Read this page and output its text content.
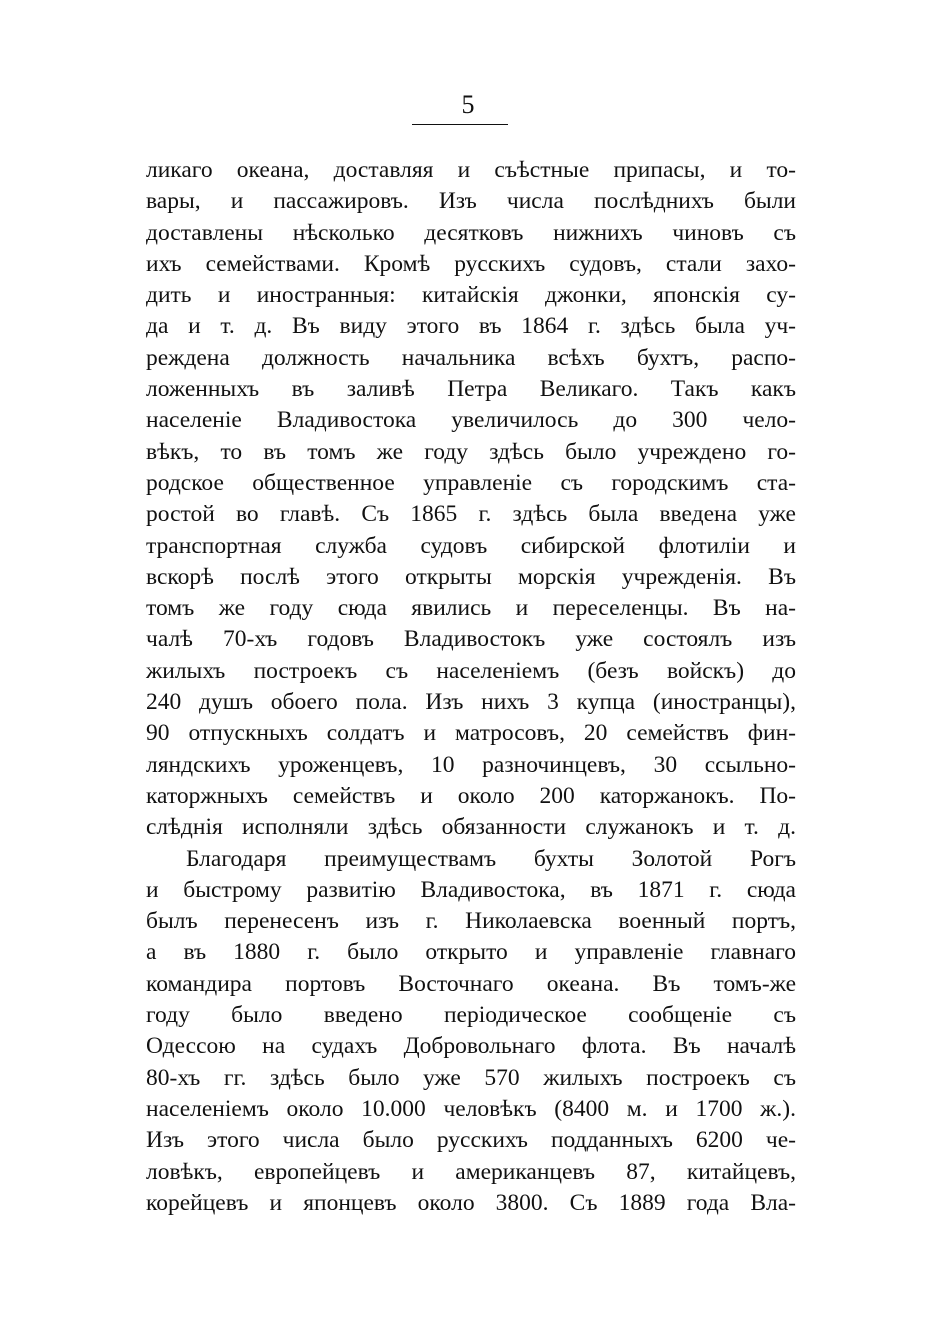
5
ликаго океана, доставляя и съѣстные припасы, и то-
вары, и пассажировъ. Изъ числа послѣднихъ были
доставлены нѣсколько десятковъ нижнихъ чиновъ съ
ихъ семействами. Кромѣ русскихъ судовъ, стали захо-
дить и иностранныя: китайскія джонки, японскія су-
да и т. д. Въ виду этого въ 1864 г. здѣсь была уч-
реждена должность начальника всѣхъ бухтъ, распо-
ложенныхъ въ заливѣ Петра Великаго. Такъ какъ
населеніе Владивостока увеличилось до 300 чело-
вѣкъ, то въ томъ же году здѣсь было учреждено го-
родское общественное управленіе съ городскимъ ста-
ростой во главѣ. Съ 1865 г. здѣсь была введена уже
транспортная служба судовъ сибирской флотиліи и
вскорѣ послѣ этого открыты морскія учрежденія. Въ
томъ же году сюда явились и переселенцы. Въ на-
чалѣ 70-хъ годовъ Владивостокъ уже состоялъ изъ
жилыхъ построекъ съ населеніемъ (безъ войскъ) до
240 душъ обоего пола. Изъ нихъ 3 купца (иностранцы),
90 отпускныхъ солдатъ и матросовъ, 20 семействъ фин-
ляндскихъ уроженцевъ, 10 разночинцевъ, 30 ссыльно-
каторжныхъ семействъ и около 200 каторжанокъ. По-
слѣднія исполняли здѣсь обязанности служанокъ и т. д.
Благодаря преимуществамъ бухты Золотой Рогъ
и быстрому развитію Владивостока, въ 1871 г. сюда
былъ перенесенъ изъ г. Николаевска военный портъ,
а въ 1880 г. было открыто и управленіе главнаго
командира портовъ Восточнаго океана. Въ томъ-же
году было введено періодическое сообщеніе съ
Одессою на судахъ Добровольнаго флота. Въ началѣ
80-хъ гг. здѣсь было уже 570 жилыхъ построекъ съ
населеніемъ около 10.000 человѣкъ (8400 м. и 1700 ж.).
Изъ этого числа было русскихъ подданныхъ 6200 че-
ловѣкъ, европейцевъ и американцевъ 87, китайцевъ,
корейцевъ и японцевъ около 3800. Съ 1889 года Вла-
